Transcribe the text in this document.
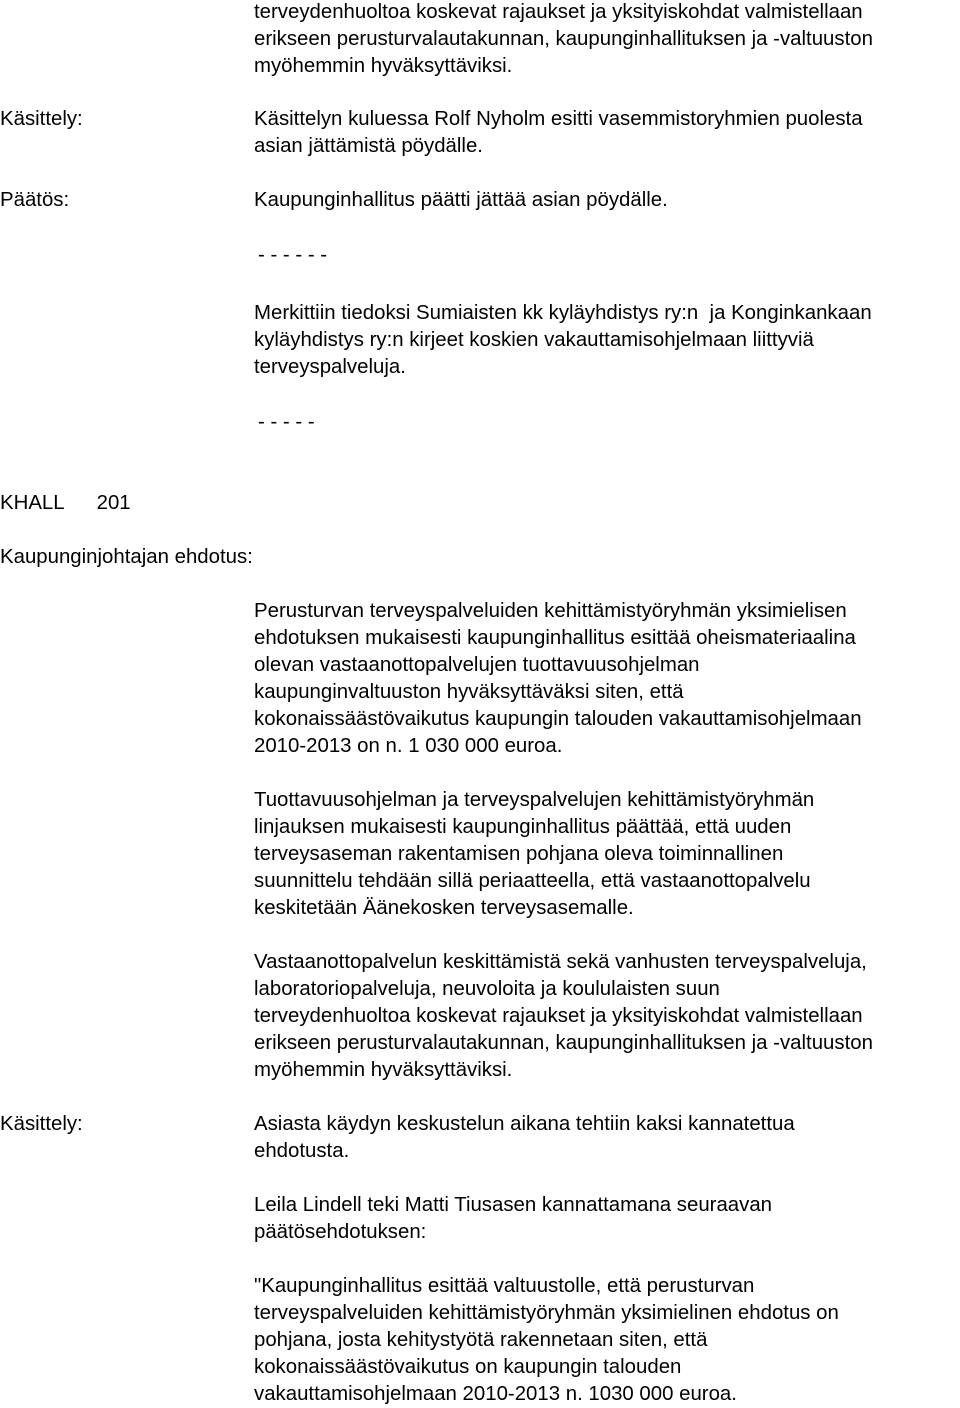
terveydenhuoltoa koskevat rajaukset ja yksityiskohdat valmistellaan
erikseen perusturvalautakunnan, kaupunginhallituksen ja -valtuuston
myöhemmin hyväksyttäviksi.
Käsittely:	Käsittelyn kuluessa Rolf Nyholm esitti vasemmistoryhmien puolesta
asian jättämistä pöydälle.
Päätös:	Kaupunginhallitus päätti jättää asian pöydälle.
- - - - - -
Merkittiin tiedoksi Sumiaisten kk kyläyhdistys ry:n  ja Konginkankaan
kyläyhdistys ry:n kirjeet koskien vakauttamisohjelmaan liittyviä
terveyspalveluja.
- - - - -
KHALL 201
Kaupunginjohtajan ehdotus:
Perusturvan terveyspalveluiden kehittämistyöryhmän yksimielisen
ehdotuksen mukaisesti kaupunginhallitus esittää oheismateriaalina
olevan vastaanottopalvelujen tuottavuusohjelman
kaupunginvaltuuston hyväksyttäväksi siten, että
kokonaissäästövaikutus kaupungin talouden vakauttamisohjelmaan
2010-2013 on n. 1 030 000 euroa.
Tuottavuusohjelman ja terveyspalvelujen kehittämistyöryhmän
linjauksen mukaisesti kaupunginhallitus päättää, että uuden
terveysaseman rakentamisen pohjana oleva toiminnallinen
suunnittelu tehdään sillä periaatteella, että vastaanottopalvelu
keskitetään Äänekosken terveysasemalle.
Vastaanottopalvelun keskittämistä sekä vanhusten terveyspalveluja,
laboratoriopalveluja, neuvoloita ja koululaisten suun
terveydenhuoltoa koskevat rajaukset ja yksityiskohdat valmistellaan
erikseen perusturvalautakunnan, kaupunginhallituksen ja -valtuuston
myöhemmin hyväksyttäviksi.
Käsittely:	Asiasta käydyn keskustelun aikana tehtiin kaksi kannatettua
ehdotusta.
Leila Lindell teki Matti Tiusasen kannattamana seuraavan
päätösehdotuksen:
"Kaupunginhallitus esittää valtuustolle, että perusturvan
terveyspalveluiden kehittämistyöryhmän yksimielinen ehdotus on
pohjana, josta kehitystyötä rakennetaan siten, että
kokonaissäästövaikutus on kaupungin talouden
vakauttamisohjelmaan 2010-2013 n. 1030 000 euroa.
